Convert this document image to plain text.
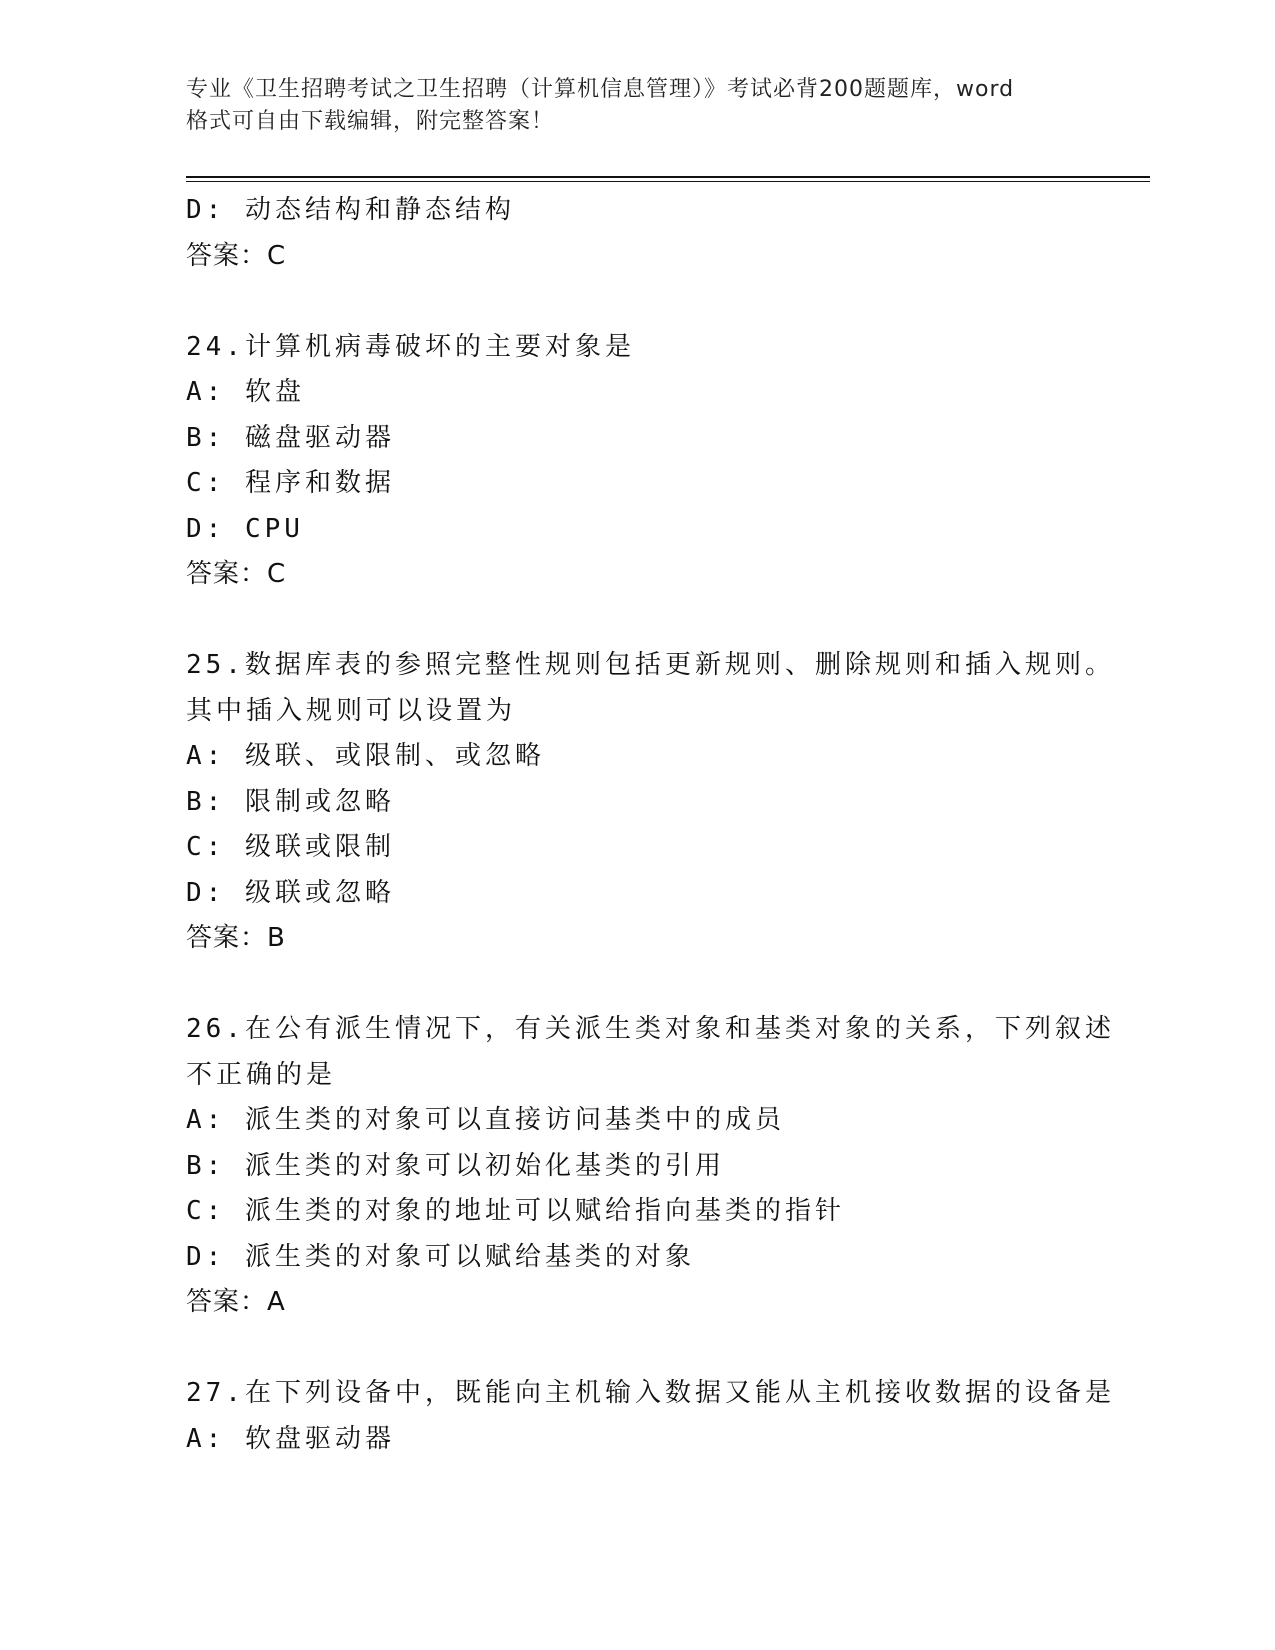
专业《卫生招聘考试之卫生招聘（计算机信息管理）》考试必背200题题库，word
格式可自由下载编辑，附完整答案！
D: 动态结构和静态结构
答案：C
24.计算机病毒破坏的主要对象是
A: 软盘
B: 磁盘驱动器
C: 程序和数据
D: CPU
答案：C
25.数据库表的参照完整性规则包括更新规则、删除规则和插入规则。
其中插入规则可以设置为
A: 级联、或限制、或忽略
B: 限制或忽略
C: 级联或限制
D: 级联或忽略
答案：B
26.在公有派生情况下，有关派生类对象和基类对象的关系，下列叙述
不正确的是
A: 派生类的对象可以直接访问基类中的成员
B: 派生类的对象可以初始化基类的引用
C: 派生类的对象的地址可以赋给指向基类的指针
D: 派生类的对象可以赋给基类的对象
答案：A
27.在下列设备中，既能向主机输入数据又能从主机接收数据的设备是
A: 软盘驱动器
